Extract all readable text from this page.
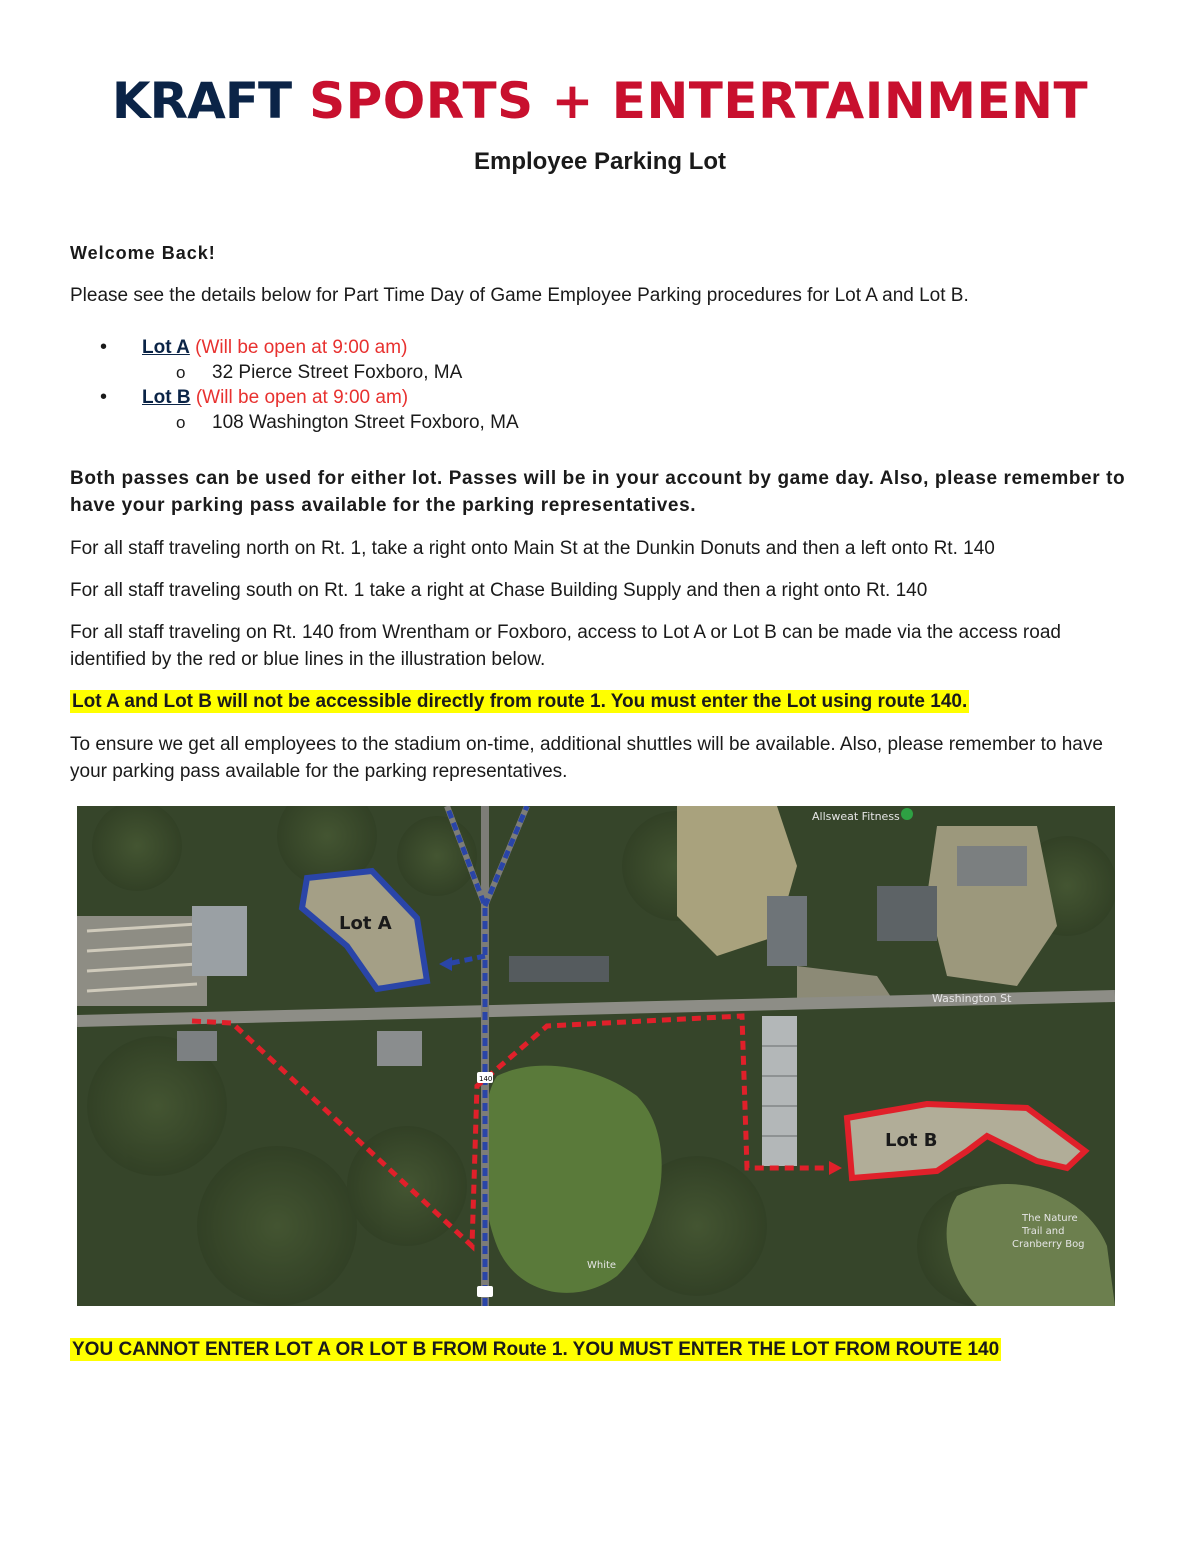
KRAFT SPORTS + ENTERTAINMENT
Employee Parking Lot

Welcome Back!

Please see the details below for Part Time Day of Game Employee Parking procedures for Lot A and Lot B.

• Lot A (Will be open at 9:00 am)
o 32 Pierce Street Foxboro, MA
• Lot B (Will be open at 9:00 am)
o 108 Washington Street Foxboro, MA

Both passes can be used for either lot. Passes will be in your account by game day. Also, please remember to have your parking pass available for the parking representatives.

For all staff traveling north on Rt. 1, take a right onto Main St at the Dunkin Donuts and then a left onto Rt. 140

For all staff traveling south on Rt. 1 take a right at Chase Building Supply and then a right onto Rt. 140

For all staff traveling on Rt. 140 from Wrentham or Foxboro, access to Lot A or Lot B can be made via the access road identified by the red or blue lines in the illustration below.

Lot A and Lot B will not be accessible directly from route 1. You must enter the Lot using route 140.

To ensure we get all employees to the stadium on-time, additional shuttles will be available. Also, please remember to have your parking pass available for the parking representatives.

Lot A
Lot B
Washington St
Allsweat Fitness
The Nature
Trail and
Cranberry Bog
White
140

YOU CANNOT ENTER LOT A OR LOT B FROM Route 1. YOU MUST ENTER THE LOT FROM ROUTE 140
